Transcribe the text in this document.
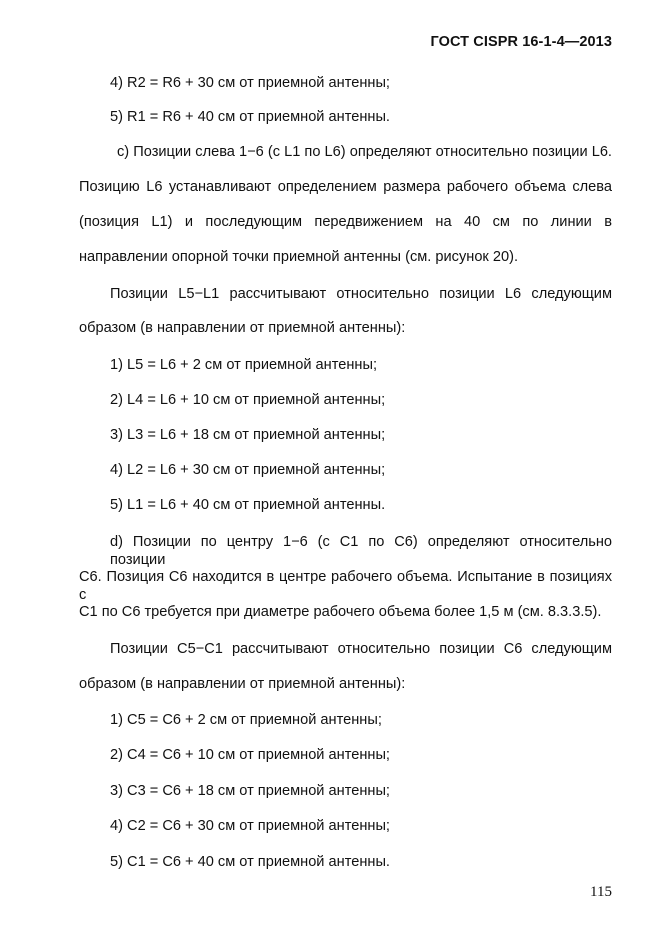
ГОСТ CISPR 16-1-4—2013
4) R2 = R6 + 30 см от приемной антенны;
5) R1 = R6 + 40 см от приемной антенны.
с) Позиции слева 1−6 (с L1 по L6) определяют относительно позиции L6.
Позицию L6 устанавливают определением размера рабочего объема слева
(позиция L1) и последующим передвижением на 40 см по линии в
направлении опорной точки приемной антенны (см. рисунок 20).
Позиции L5−L1 рассчитывают относительно позиции L6 следующим
образом (в направлении от приемной антенны):
1) L5 = L6 + 2 см от приемной антенны;
2) L4 = L6 + 10 см от приемной антенны;
3) L3 = L6 + 18 см от приемной антенны;
4) L2 = L6 + 30 см от приемной антенны;
5) L1 = L6 + 40 см от приемной антенны.
d) Позиции по центру 1−6 (с С1 по С6) определяют относительно позиции
С6. Позиция С6 находится в центре рабочего объема. Испытание в позициях с
С1 по С6 требуется при диаметре рабочего объема более 1,5 м (см. 8.3.3.5).
Позиции С5−С1 рассчитывают относительно позиции С6 следующим
образом (в направлении от приемной антенны):
1) С5 = С6 + 2 см от приемной антенны;
2) С4 = С6 + 10 см от приемной антенны;
3) С3 = С6 + 18 см от приемной антенны;
4) С2 = С6 + 30 см от приемной антенны;
5) С1 = С6 + 40 см от приемной антенны.
115
